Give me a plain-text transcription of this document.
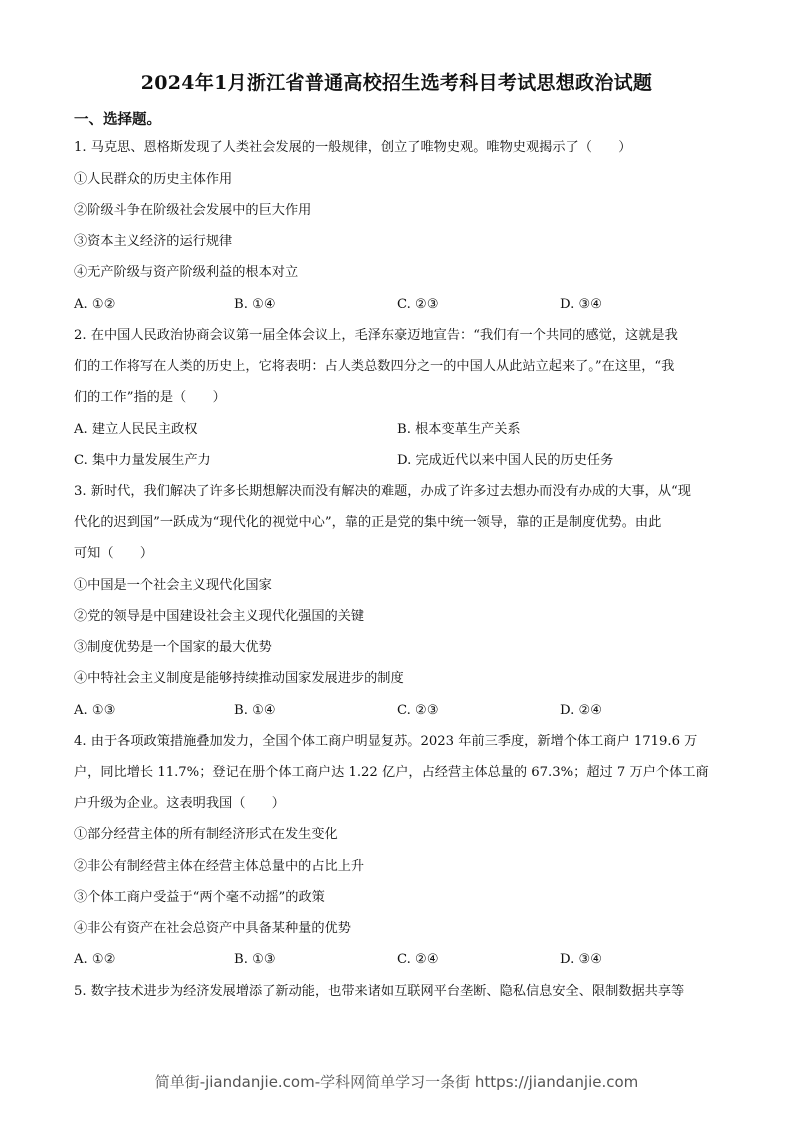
2024年1月浙江省普通高校招生选考科目考试思想政治试题
一、选择题。
1. 马克思、恩格斯发现了人类社会发展的一般规律，创立了唯物史观。唯物史观揭示了（　　）
①人民群众的历史主体作用
②阶级斗争在阶级社会发展中的巨大作用
③资本主义经济的运行规律
④无产阶级与资产阶级利益的根本对立
A. ①②	B. ①④	C. ②③	D. ③④
2. 在中国人民政治协商会议第一届全体会议上，毛泽东豪迈地宣告：“我们有一个共同的感觉，这就是我
们的工作将写在人类的历史上，它将表明：占人类总数四分之一的中国人从此站立起来了。”在这里，“我
们的工作”指的是（　　）
A. 建立人民民主政权	B. 根本变革生产关系
C. 集中力量发展生产力	D. 完成近代以来中国人民的历史任务
3. 新时代，我们解决了许多长期想解决而没有解决的难题，办成了许多过去想办而没有办成的大事，从“现
代化的迟到国”一跃成为“现代化的视觉中心”，靠的正是党的集中统一领导，靠的正是制度优势。由此
可知（　　）
①中国是一个社会主义现代化国家
②党的领导是中国建设社会主义现代化强国的关键
③制度优势是一个国家的最大优势
④中特社会主义制度是能够持续推动国家发展进步的制度
A. ①③	B. ①④	C. ②③	D. ②④
4. 由于各项政策措施叠加发力，全国个体工商户明显复苏。2023 年前三季度，新增个体工商户 1719.6 万
户，同比增长 11.7%；登记在册个体工商户达 1.22 亿户，占经营主体总量的 67.3%；超过 7 万户个体工商
户升级为企业。这表明我国（　　）
①部分经营主体的所有制经济形式在发生变化
②非公有制经营主体在经营主体总量中的占比上升
③个体工商户受益于“两个毫不动摇”的政策
④非公有资产在社会总资产中具备某种量的优势
A. ①②	B. ①③	C. ②④	D. ③④
5. 数字技术进步为经济发展增添了新动能，也带来诸如互联网平台垄断、隐私信息安全、限制数据共享等
简单街-jiandanjie.com-学科网简单学习一条街 https://jiandanjie.com
